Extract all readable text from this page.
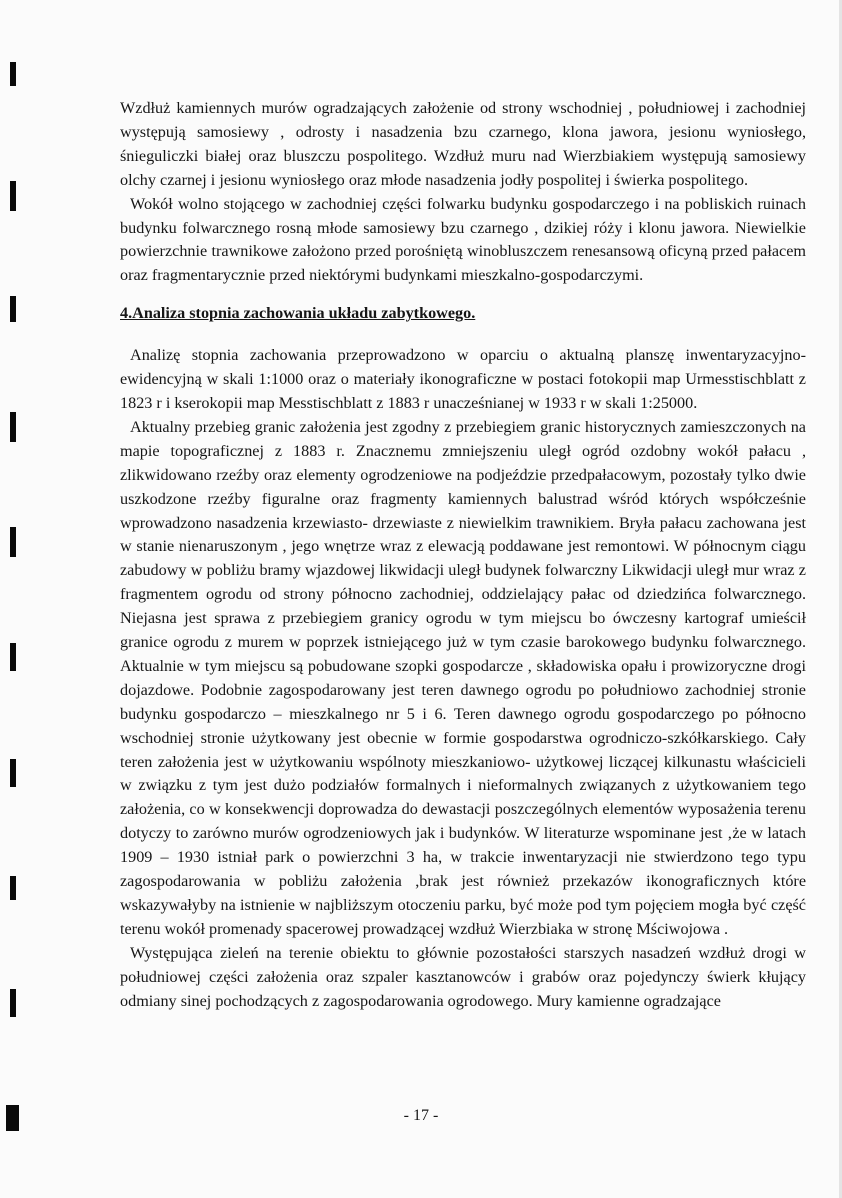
Wzdłuż kamiennych murów ogradzających założenie od strony wschodniej , południowej i zachodniej występują samosiewy , odrosty i nasadzenia bzu czarnego, klona jawora, jesionu wyniosłego, śnieguliczki białej oraz bluszczu pospolitego. Wzdłuż muru nad Wierzbiakiem występują samosiewy olchy czarnej i jesionu wyniosłego oraz młode nasadzenia jodły pospolitej i świerka pospolitego.

Wokół wolno stojącego w zachodniej części folwarku budynku gospodarczego i na pobliskich ruinach budynku folwarcznego rosną młode samosiewy bzu czarnego , dzikiej róży i klonu jawora. Niewielkie powierzchnie trawnikowe założono przed porośniętą winobluszczem renesansową oficyną przed pałacem oraz fragmentarycznie przed niektórymi budynkami mieszkalno-gospodarczymi.

4.Analiza stopnia zachowania układu zabytkowego.

Analizę stopnia zachowania przeprowadzono w oparciu o aktualną planszę inwentaryzacyjno-ewidencyjną w skali 1:1000 oraz o materiały ikonograficzne w postaci fotokopii map Urmesstischblatt z 1823 r i kserokopii map Messtischblatt z 1883 r unacześnianej w 1933 r w skali 1:25000.

Aktualny przebieg granic założenia jest zgodny z przebiegiem granic historycznych zamieszczonych na mapie topograficznej z 1883 r. Znacznemu zmniejszeniu uległ ogród ozdobny wokół pałacu , zlikwidowano rzeźby oraz elementy ogrodzeniowe na podjeździe przedpałacowym, pozostały tylko dwie uszkodzone rzeźby figuralne oraz fragmenty kamiennych balustrad wśród których współcześnie wprowadzono nasadzenia krzewiasto- drzewiaste z niewielkim trawnikiem. Bryła pałacu zachowana jest w stanie nienaruszonym , jego wnętrze wraz z elewacją poddawane jest remontowi. W północnym ciągu zabudowy w pobliżu bramy wjazdowej likwidacji uległ budynek folwarczny Likwidacji uległ mur wraz z fragmentem ogrodu od strony północno zachodniej, oddzielający pałac od dziedzińca folwarcznego. Niejasna jest sprawa z przebiegiem granicy ogrodu w tym miejscu bo ówczesny kartograf umieścił granice ogrodu z murem w poprzek istniejącego już w tym czasie barokowego budynku folwarcznego. Aktualnie w tym miejscu są pobudowane szopki gospodarcze , składowiska opału i prowizoryczne drogi dojazdowe. Podobnie zagospodarowany jest teren dawnego ogrodu po południowo zachodniej stronie budynku gospodarczo – mieszkalnego nr 5 i 6. Teren dawnego ogrodu gospodarczego po północno wschodniej stronie użytkowany jest obecnie w formie gospodarstwa ogrodniczo-szkółkarskiego. Cały teren założenia jest w użytkowaniu wspólnoty mieszkaniowo- użytkowej liczącej kilkunastu właścicieli w związku z tym jest dużo podziałów formalnych i nieformalnych związanych z użytkowaniem tego założenia, co w konsekwencji doprowadza do dewastacji poszczególnych elementów wyposażenia terenu dotyczy to zarówno murów ogrodzeniowych jak i budynków. W literaturze wspominane jest ‚że w latach 1909 – 1930 istniał park o powierzchni 3 ha, w trakcie inwentaryzacji nie stwierdzono tego typu zagospodarowania w pobliżu założenia ,brak jest również przekazów ikonograficznych które wskazywałyby na istnienie w najbliższym otoczeniu parku, być może pod tym pojęciem mogła być część terenu wokół promenady spacerowej prowadzącej wzdłuż Wierzbiaka w stronę Mściwojowa .

Występująca zieleń na terenie obiektu to głównie pozostałości starszych nasadzeń wzdłuż drogi w południowej części założenia oraz szpaler kasztanowców i grabów oraz pojedynczy świerk kłujący odmiany sinej pochodzących z zagospodarowania ogrodowego. Mury kamienne ogradzające

- 17 -
